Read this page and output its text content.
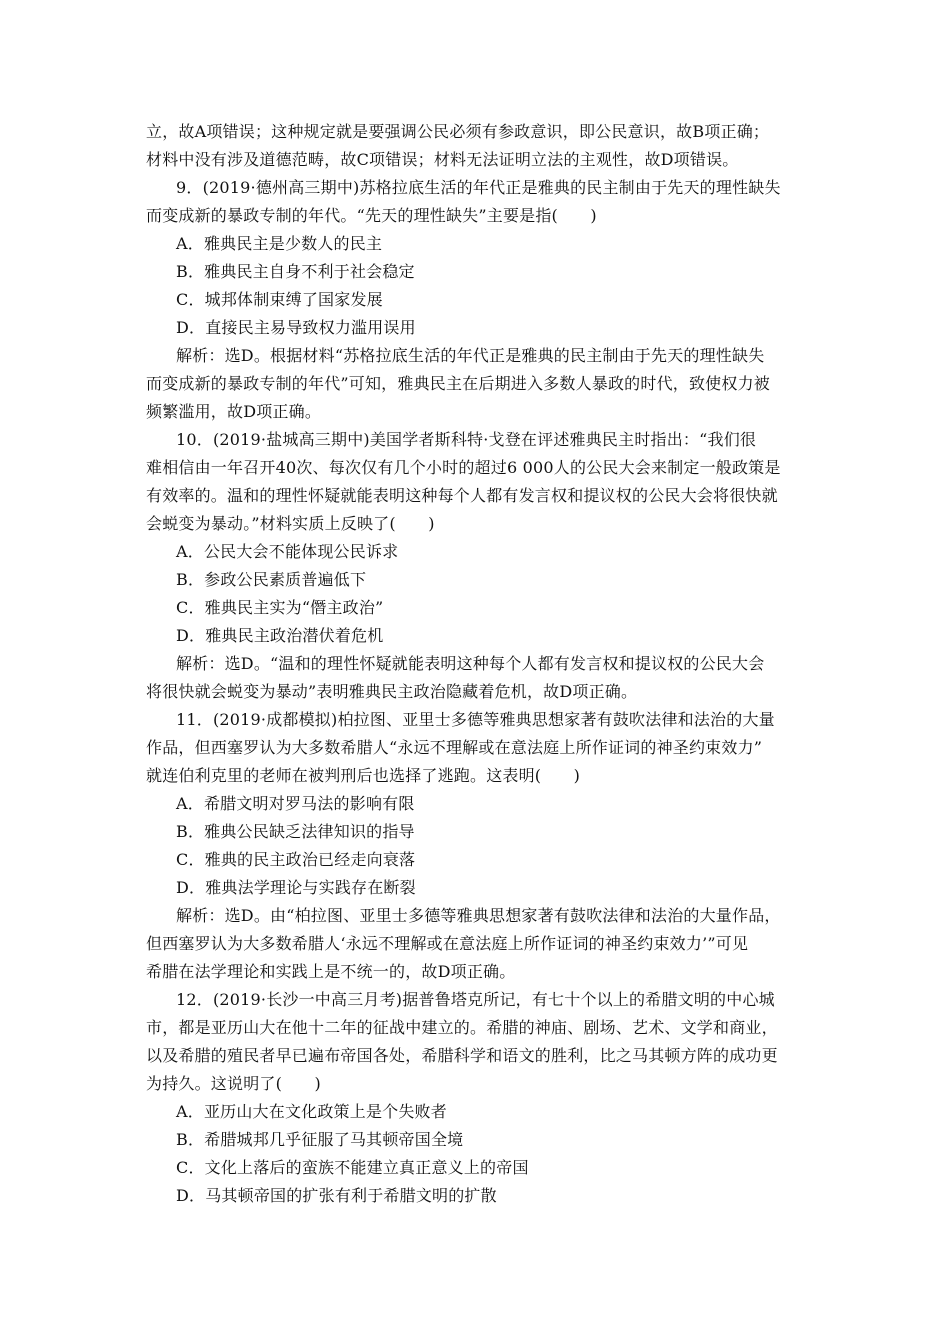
立，故A项错误；这种规定就是要强调公民必须有参政意识，即公民意识，故B项正确；
材料中没有涉及道德范畴，故C项错误；材料无法证明立法的主观性，故D项错误。
9．(2019·德州高三期中)苏格拉底生活的年代正是雅典的民主制由于先天的理性缺失
而变成新的暴政专制的年代。“先天的理性缺失”主要是指(　　)
A．雅典民主是少数人的民主
B．雅典民主自身不利于社会稳定
C．城邦体制束缚了国家发展
D．直接民主易导致权力滥用误用
解析：选D。根据材料“苏格拉底生活的年代正是雅典的民主制由于先天的理性缺失
而变成新的暴政专制的年代”可知，雅典民主在后期进入多数人暴政的时代，致使权力被
频繁滥用，故D项正确。
10．(2019·盐城高三期中)美国学者斯科特·戈登在评述雅典民主时指出：“我们很
难相信由一年召开40次、每次仅有几个小时的超过6 000人的公民大会来制定一般政策是
有效率的。温和的理性怀疑就能表明这种每个人都有发言权和提议权的公民大会将很快就
会蜕变为暴动。”材料实质上反映了(　　)
A．公民大会不能体现公民诉求
B．参政公民素质普遍低下
C．雅典民主实为“僭主政治”
D．雅典民主政治潜伏着危机
解析：选D。“温和的理性怀疑就能表明这种每个人都有发言权和提议权的公民大会
将很快就会蜕变为暴动”表明雅典民主政治隐藏着危机，故D项正确。
11．(2019·成都模拟)柏拉图、亚里士多德等雅典思想家著有鼓吹法律和法治的大量
作品，但西塞罗认为大多数希腊人“永远不理解或在意法庭上所作证词的神圣约束效力”
就连伯利克里的老师在被判刑后也选择了逃跑。这表明(　　)
A．希腊文明对罗马法的影响有限
B．雅典公民缺乏法律知识的指导
C．雅典的民主政治已经走向衰落
D．雅典法学理论与实践存在断裂
解析：选D。由“柏拉图、亚里士多德等雅典思想家著有鼓吹法律和法治的大量作品，
但西塞罗认为大多数希腊人‘永远不理解或在意法庭上所作证词的神圣约束效力’”可见
希腊在法学理论和实践上是不统一的，故D项正确。
12．(2019·长沙一中高三月考)据普鲁塔克所记，有七十个以上的希腊文明的中心城
市，都是亚历山大在他十二年的征战中建立的。希腊的神庙、剧场、艺术、文学和商业，
以及希腊的殖民者早已遍布帝国各处，希腊科学和语文的胜利，比之马其顿方阵的成功更
为持久。这说明了(　　)
A．亚历山大在文化政策上是个失败者
B．希腊城邦几乎征服了马其顿帝国全境
C．文化上落后的蛮族不能建立真正意义上的帝国
D．马其顿帝国的扩张有利于希腊文明的扩散
